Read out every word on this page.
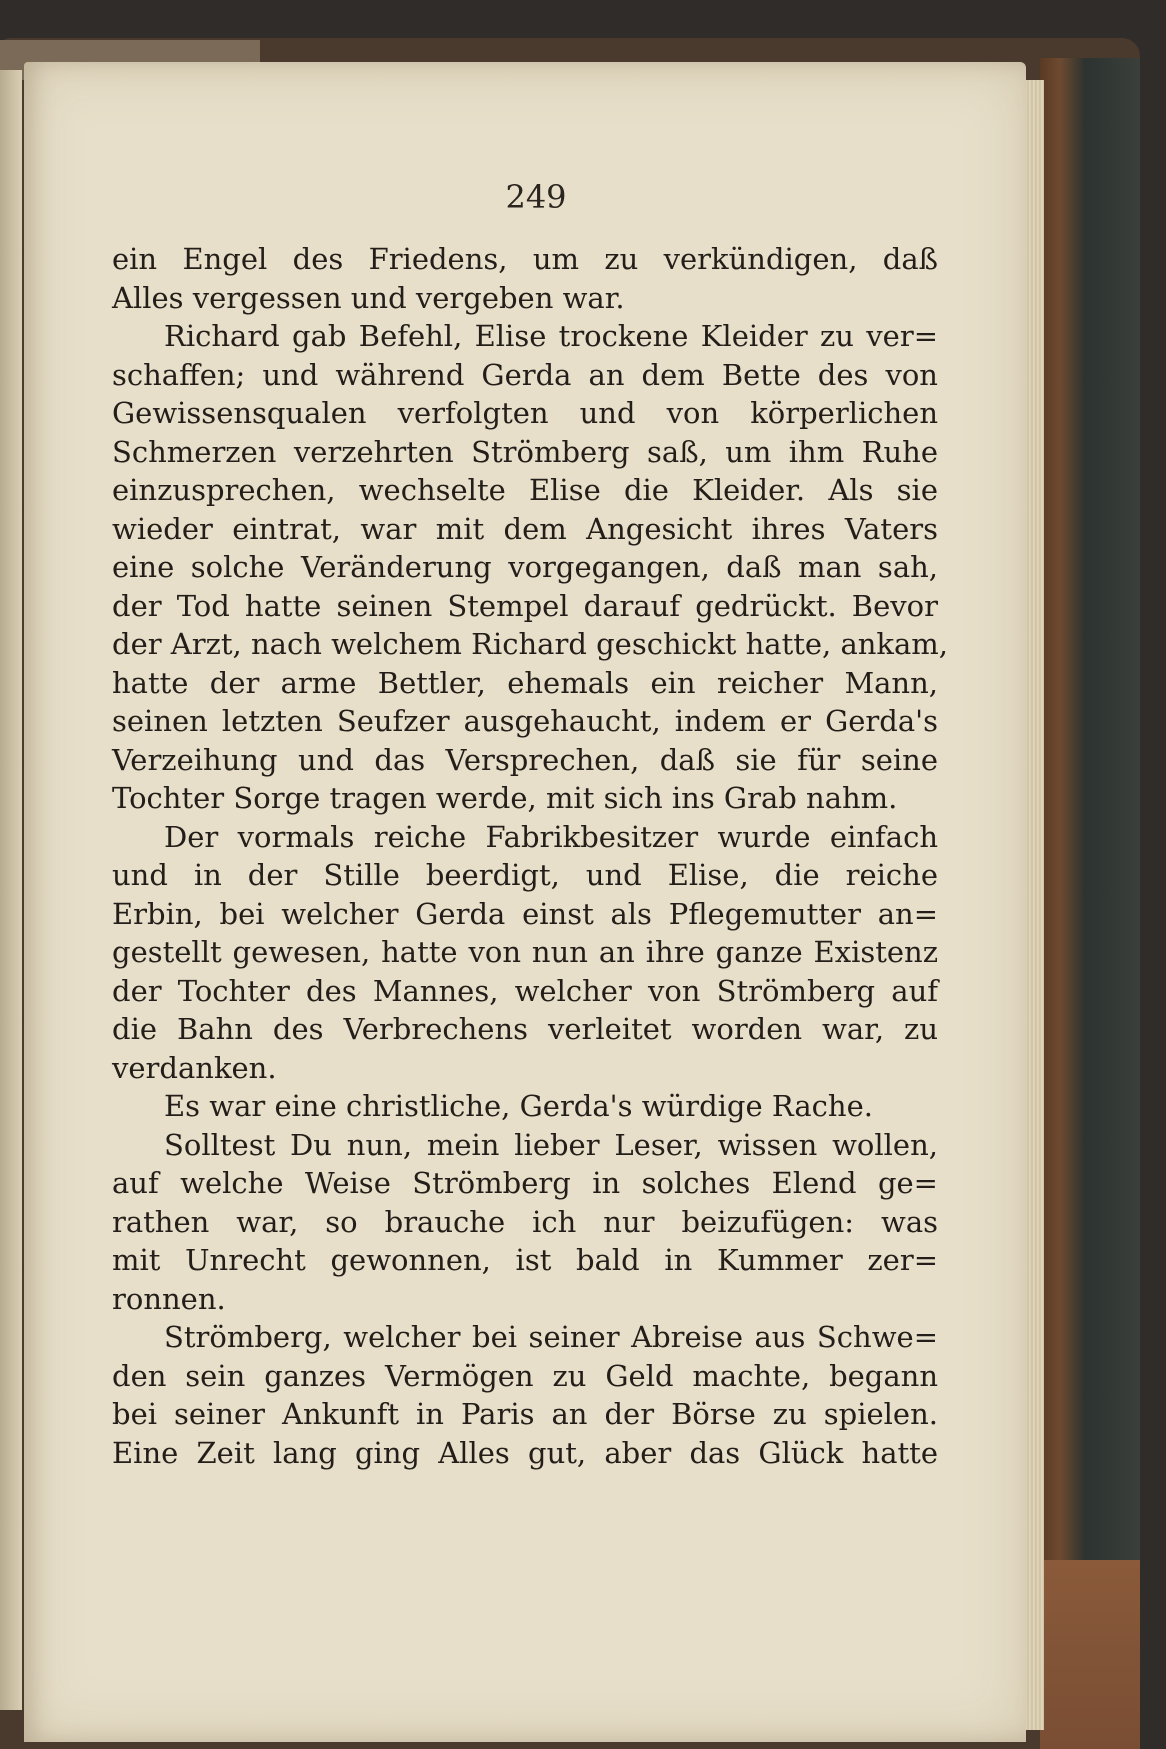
249
ein Engel des Friedens, um zu verkündigen, daß
Alles vergessen und vergeben war.
Richard gab Befehl, Elise trockene Kleider zu ver=
schaffen; und während Gerda an dem Bette des von
Gewissensqualen verfolgten und von körperlichen
Schmerzen verzehrten Strömberg saß, um ihm Ruhe
einzusprechen, wechselte Elise die Kleider. Als sie
wieder eintrat, war mit dem Angesicht ihres Vaters
eine solche Veränderung vorgegangen, daß man sah,
der Tod hatte seinen Stempel darauf gedrückt. Bevor
der Arzt, nach welchem Richard geschickt hatte, ankam,
hatte der arme Bettler, ehemals ein reicher Mann,
seinen letzten Seufzer ausgehaucht, indem er Gerda's
Verzeihung und das Versprechen, daß sie für seine
Tochter Sorge tragen werde, mit sich ins Grab nahm.
Der vormals reiche Fabrikbesitzer wurde einfach
und in der Stille beerdigt, und Elise, die reiche
Erbin, bei welcher Gerda einst als Pflegemutter an=
gestellt gewesen, hatte von nun an ihre ganze Existenz
der Tochter des Mannes, welcher von Strömberg auf
die Bahn des Verbrechens verleitet worden war, zu
verdanken.
Es war eine christliche, Gerda's würdige Rache.
Solltest Du nun, mein lieber Leser, wissen wollen,
auf welche Weise Strömberg in solches Elend ge=
rathen war, so brauche ich nur beizufügen: was
mit Unrecht gewonnen, ist bald in Kummer zer=
ronnen.
Strömberg, welcher bei seiner Abreise aus Schwe=
den sein ganzes Vermögen zu Geld machte, begann
bei seiner Ankunft in Paris an der Börse zu spielen.
Eine Zeit lang ging Alles gut, aber das Glück hatte
